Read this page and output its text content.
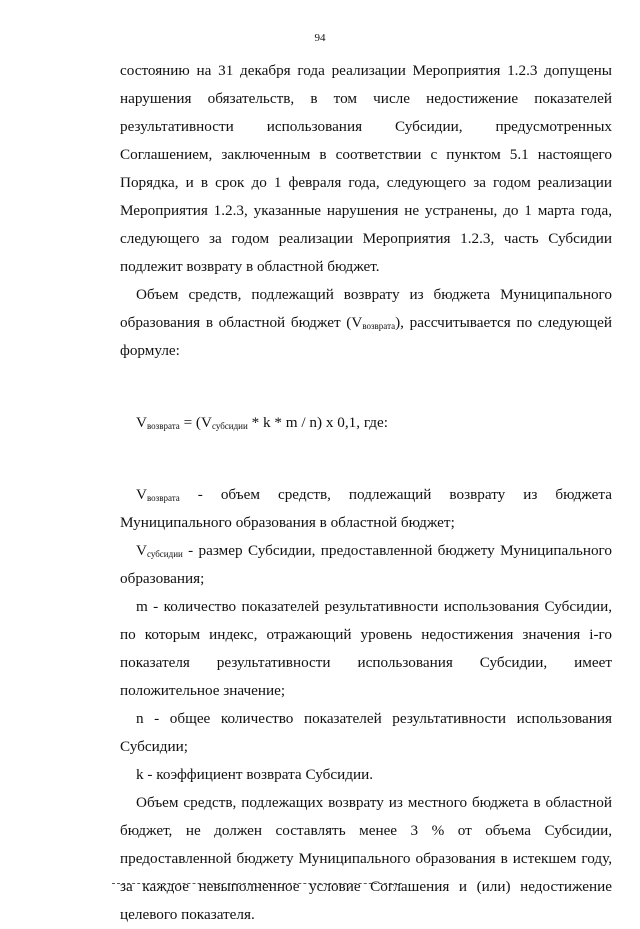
94

состоянию на 31 декабря года реализации Мероприятия 1.2.3 допущены нарушения обязательств, в том числе недостижение показателей результативности использования Субсидии, предусмотренных Соглашением, заключенным в соответствии с пунктом 5.1 настоящего Порядка, и в срок до 1 февраля года, следующего за годом реализации Мероприятия 1.2.3, указанные нарушения не устранены, до 1 марта года, следующего за годом реализации Мероприятия 1.2.3, часть Субсидии подлежит возврату в областной бюджет.

Объем средств, подлежащий возврату из бюджета Муниципального образования в областной бюджет $(V_{возврата})$, рассчитывается по следующей формуле:

$V_{возврата} = (V_{субсидии} * k * m / n)$ х 0,1, где:

$V_{возврата}$ - объем средств, подлежащий возврату из бюджета Муниципального образования в областной бюджет;

$V_{субсидии}$ - размер Субсидии, предоставленной бюджету Муниципального образования;

m - количество показателей результативности использования Субсидии, по которым индекс, отражающий уровень недостижения значения i-го показателя результативности использования Субсидии, имеет положительное значение;

n - общее количество показателей результативности использования Субсидии;

k - коэффициент возврата Субсидии.

Объем средств, подлежащих возврату из местного бюджета в областной бюджет, не должен составлять менее 3 % от объема Субсидии, предоставленной бюджету Муниципального образования в истекшем году, за каждое невыполненное условие Соглашения и (или) недостижение целевого показателя.
